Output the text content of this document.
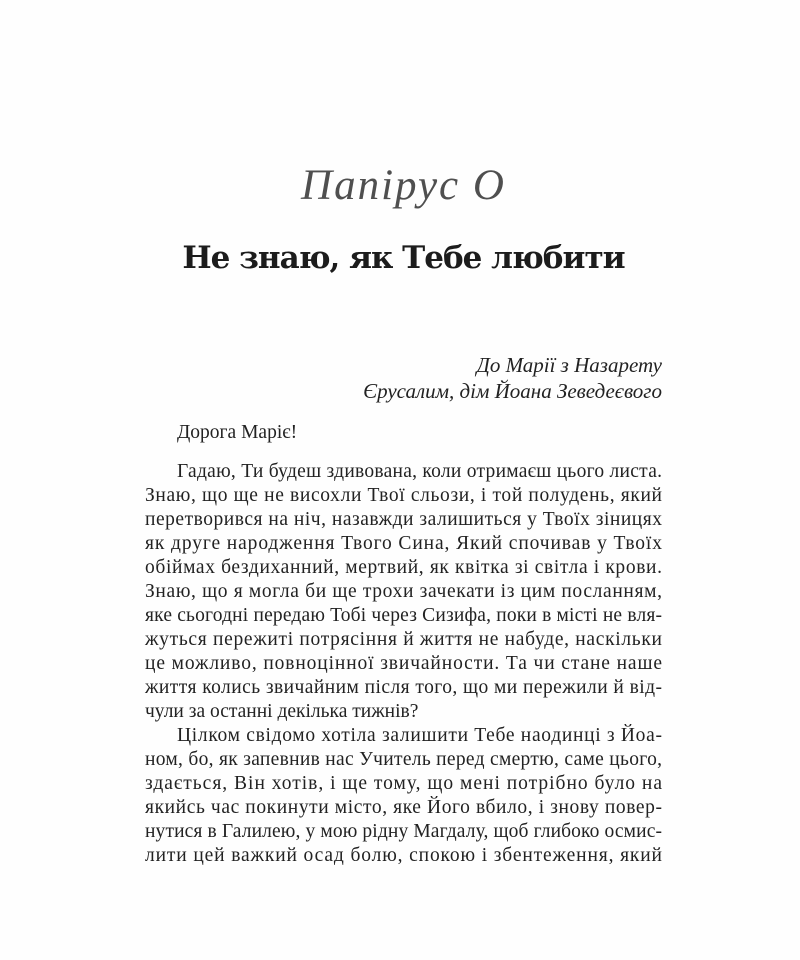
Папірус О
Не знаю, як Тебе любити
До Марії з Назарету
Єрусалим, дім Йоана Зеведеєвого
Дорога Маріє!
Гадаю, Ти будеш здивована, коли отримаєш цього листа.
Знаю, що ще не висохли Твої сльози, і той полудень, який
перетворився на ніч, назавжди залишиться у Твоїх зіницях
як друге народження Твого Сина, Який спочивав у Твоїх
обіймах бездиханний, мертвий, як квітка зі світла і крови.
Знаю, що я могла би ще трохи зачекати із цим посланням,
яке сьогодні передаю Тобі через Сизифа, поки в місті не вля-
жуться пережиті потрясіння й життя не набуде, наскільки
це можливо, повноцінної звичайности. Та чи стане наше
життя колись звичайним після того, що ми пережили й від-
чули за останні декілька тижнів?
Цілком свідомо хотіла залишити Тебе наодинці з Йоа-
ном, бо, як запевнив нас Учитель перед смертю, саме цього,
здається, Він хотів, і ще тому, що мені потрібно було на
якийсь час покинути місто, яке Його вбило, і знову повер-
нутися в Галилею, у мою рідну Магдалу, щоб глибоко осмис-
лити цей важкий осад болю, спокою і збентеження, який
